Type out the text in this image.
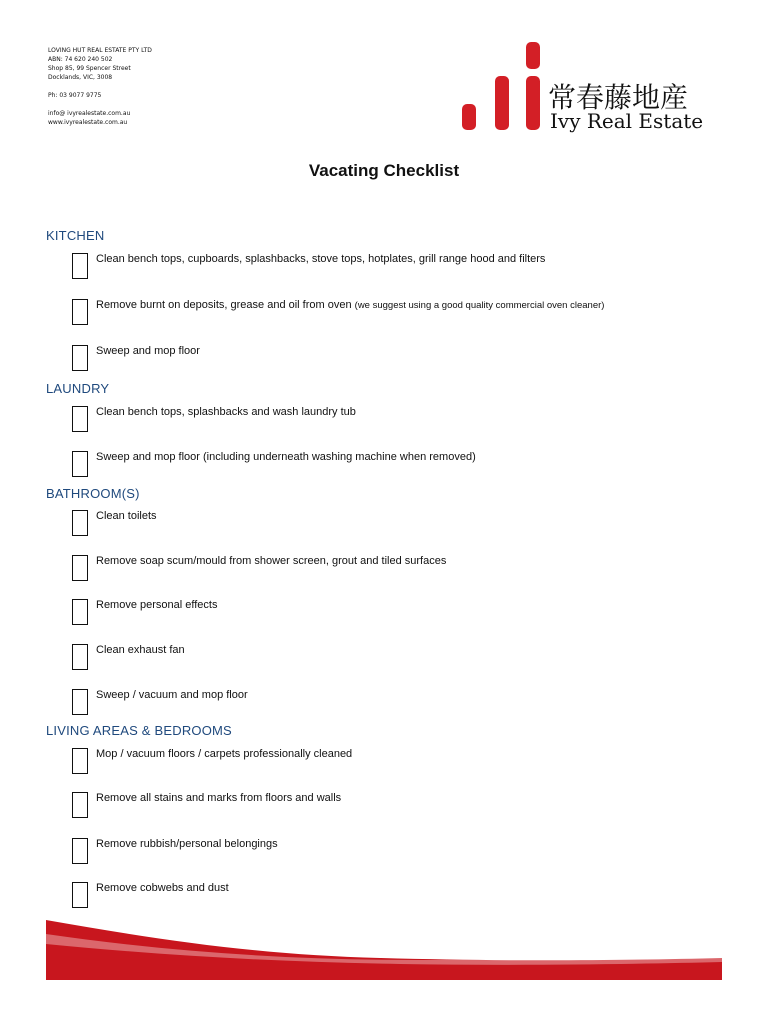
LOVING HUT REAL ESTATE PTY LTD
ABN: 74 620 240 502
Shop 85, 99 Spencer Street
Docklands, VIC, 3008
Ph: 03 9077 9775
info@ ivyrealestate.com.au
www.ivyrealestate.com.au
常春藤地産
Ivy Real Estate
Vacating Checklist
KITCHEN
Clean bench tops, cupboards, splashbacks, stove tops, hotplates, grill range hood and filters
Remove burnt on deposits, grease and oil from oven (we suggest using a good quality commercial oven cleaner)
Sweep and mop floor
LAUNDRY
Clean bench tops, splashbacks and wash laundry tub
Sweep and mop floor (including underneath washing machine when removed)
BATHROOM(S)
Clean toilets
Remove soap scum/mould from shower screen, grout and tiled surfaces
Remove personal effects
Clean exhaust fan
Sweep / vacuum and mop floor
LIVING AREAS & BEDROOMS
Mop / vacuum floors / carpets professionally cleaned
Remove all stains and marks from floors and walls
Remove rubbish/personal belongings
Remove cobwebs and dust
